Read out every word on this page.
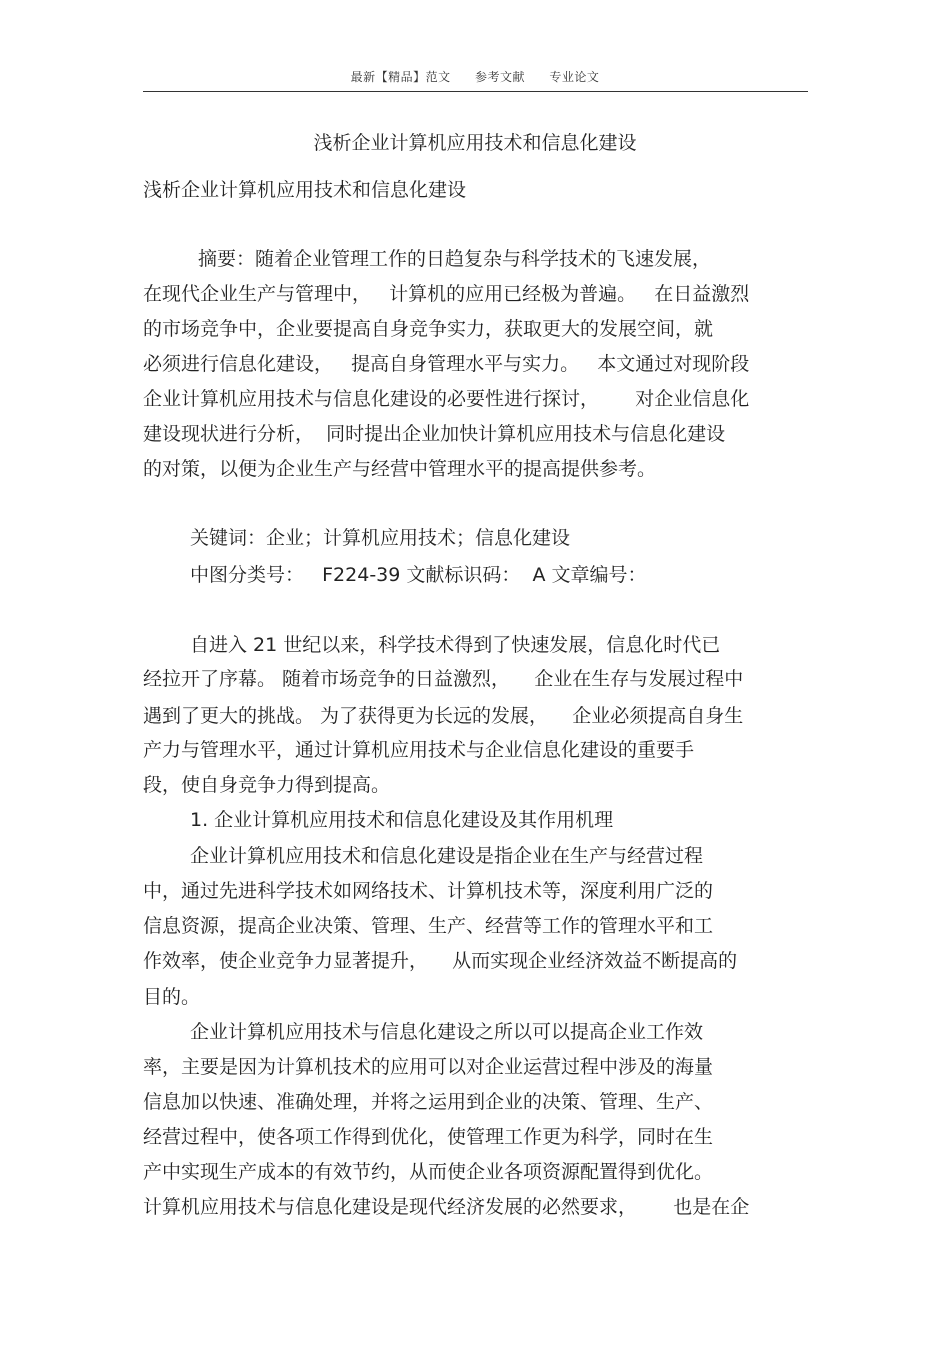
最新【精品】范文 参考文献 专业论文
浅析企业计算机应用技术和信息化建设
浅析企业计算机应用技术和信息化建设
摘要：随着企业管理工作的日趋复杂与科学技术的飞速发展，
在现代企业生产与管理中，   计算机的应用已经极为普遍。   在日益激烈
的市场竞争中，企业要提高自身竞争实力，获取更大的发展空间，就
必须进行信息化建设，   提高自身管理水平与实力。   本文通过对现阶段
企业计算机应用技术与信息化建设的必要性进行探讨，      对企业信息化
建设现状进行分析，  同时提出企业加快计算机应用技术与信息化建设
的对策，以便为企业生产与经营中管理水平的提高提供参考。
关键词：企业；计算机应用技术；信息化建设
中图分类号：   F224-39 文献标识码：  A 文章编号：
自进入 21 世纪以来，科学技术得到了快速发展，信息化时代已
经拉开了序幕。 随着市场竞争的日益激烈，    企业在生存与发展过程中
遇到了更大的挑战。 为了获得更为长远的发展，    企业必须提高自身生
产力与管理水平，通过计算机应用技术与企业信息化建设的重要手
段，使自身竞争力得到提高。
1. 企业计算机应用技术和信息化建设及其作用机理
企业计算机应用技术和信息化建设是指企业在生产与经营过程
中，通过先进科学技术如网络技术、计算机技术等，深度利用广泛的
信息资源，提高企业决策、管理、生产、经营等工作的管理水平和工
作效率，使企业竞争力显著提升，    从而实现企业经济效益不断提高的
目的。
企业计算机应用技术与信息化建设之所以可以提高企业工作效
率，主要是因为计算机技术的应用可以对企业运营过程中涉及的海量
信息加以快速、准确处理，并将之运用到企业的决策、管理、生产、
经营过程中，使各项工作得到优化，使管理工作更为科学，同时在生
产中实现生产成本的有效节约，从而使企业各项资源配置得到优化。
计算机应用技术与信息化建设是现代经济发展的必然要求，      也是在企
